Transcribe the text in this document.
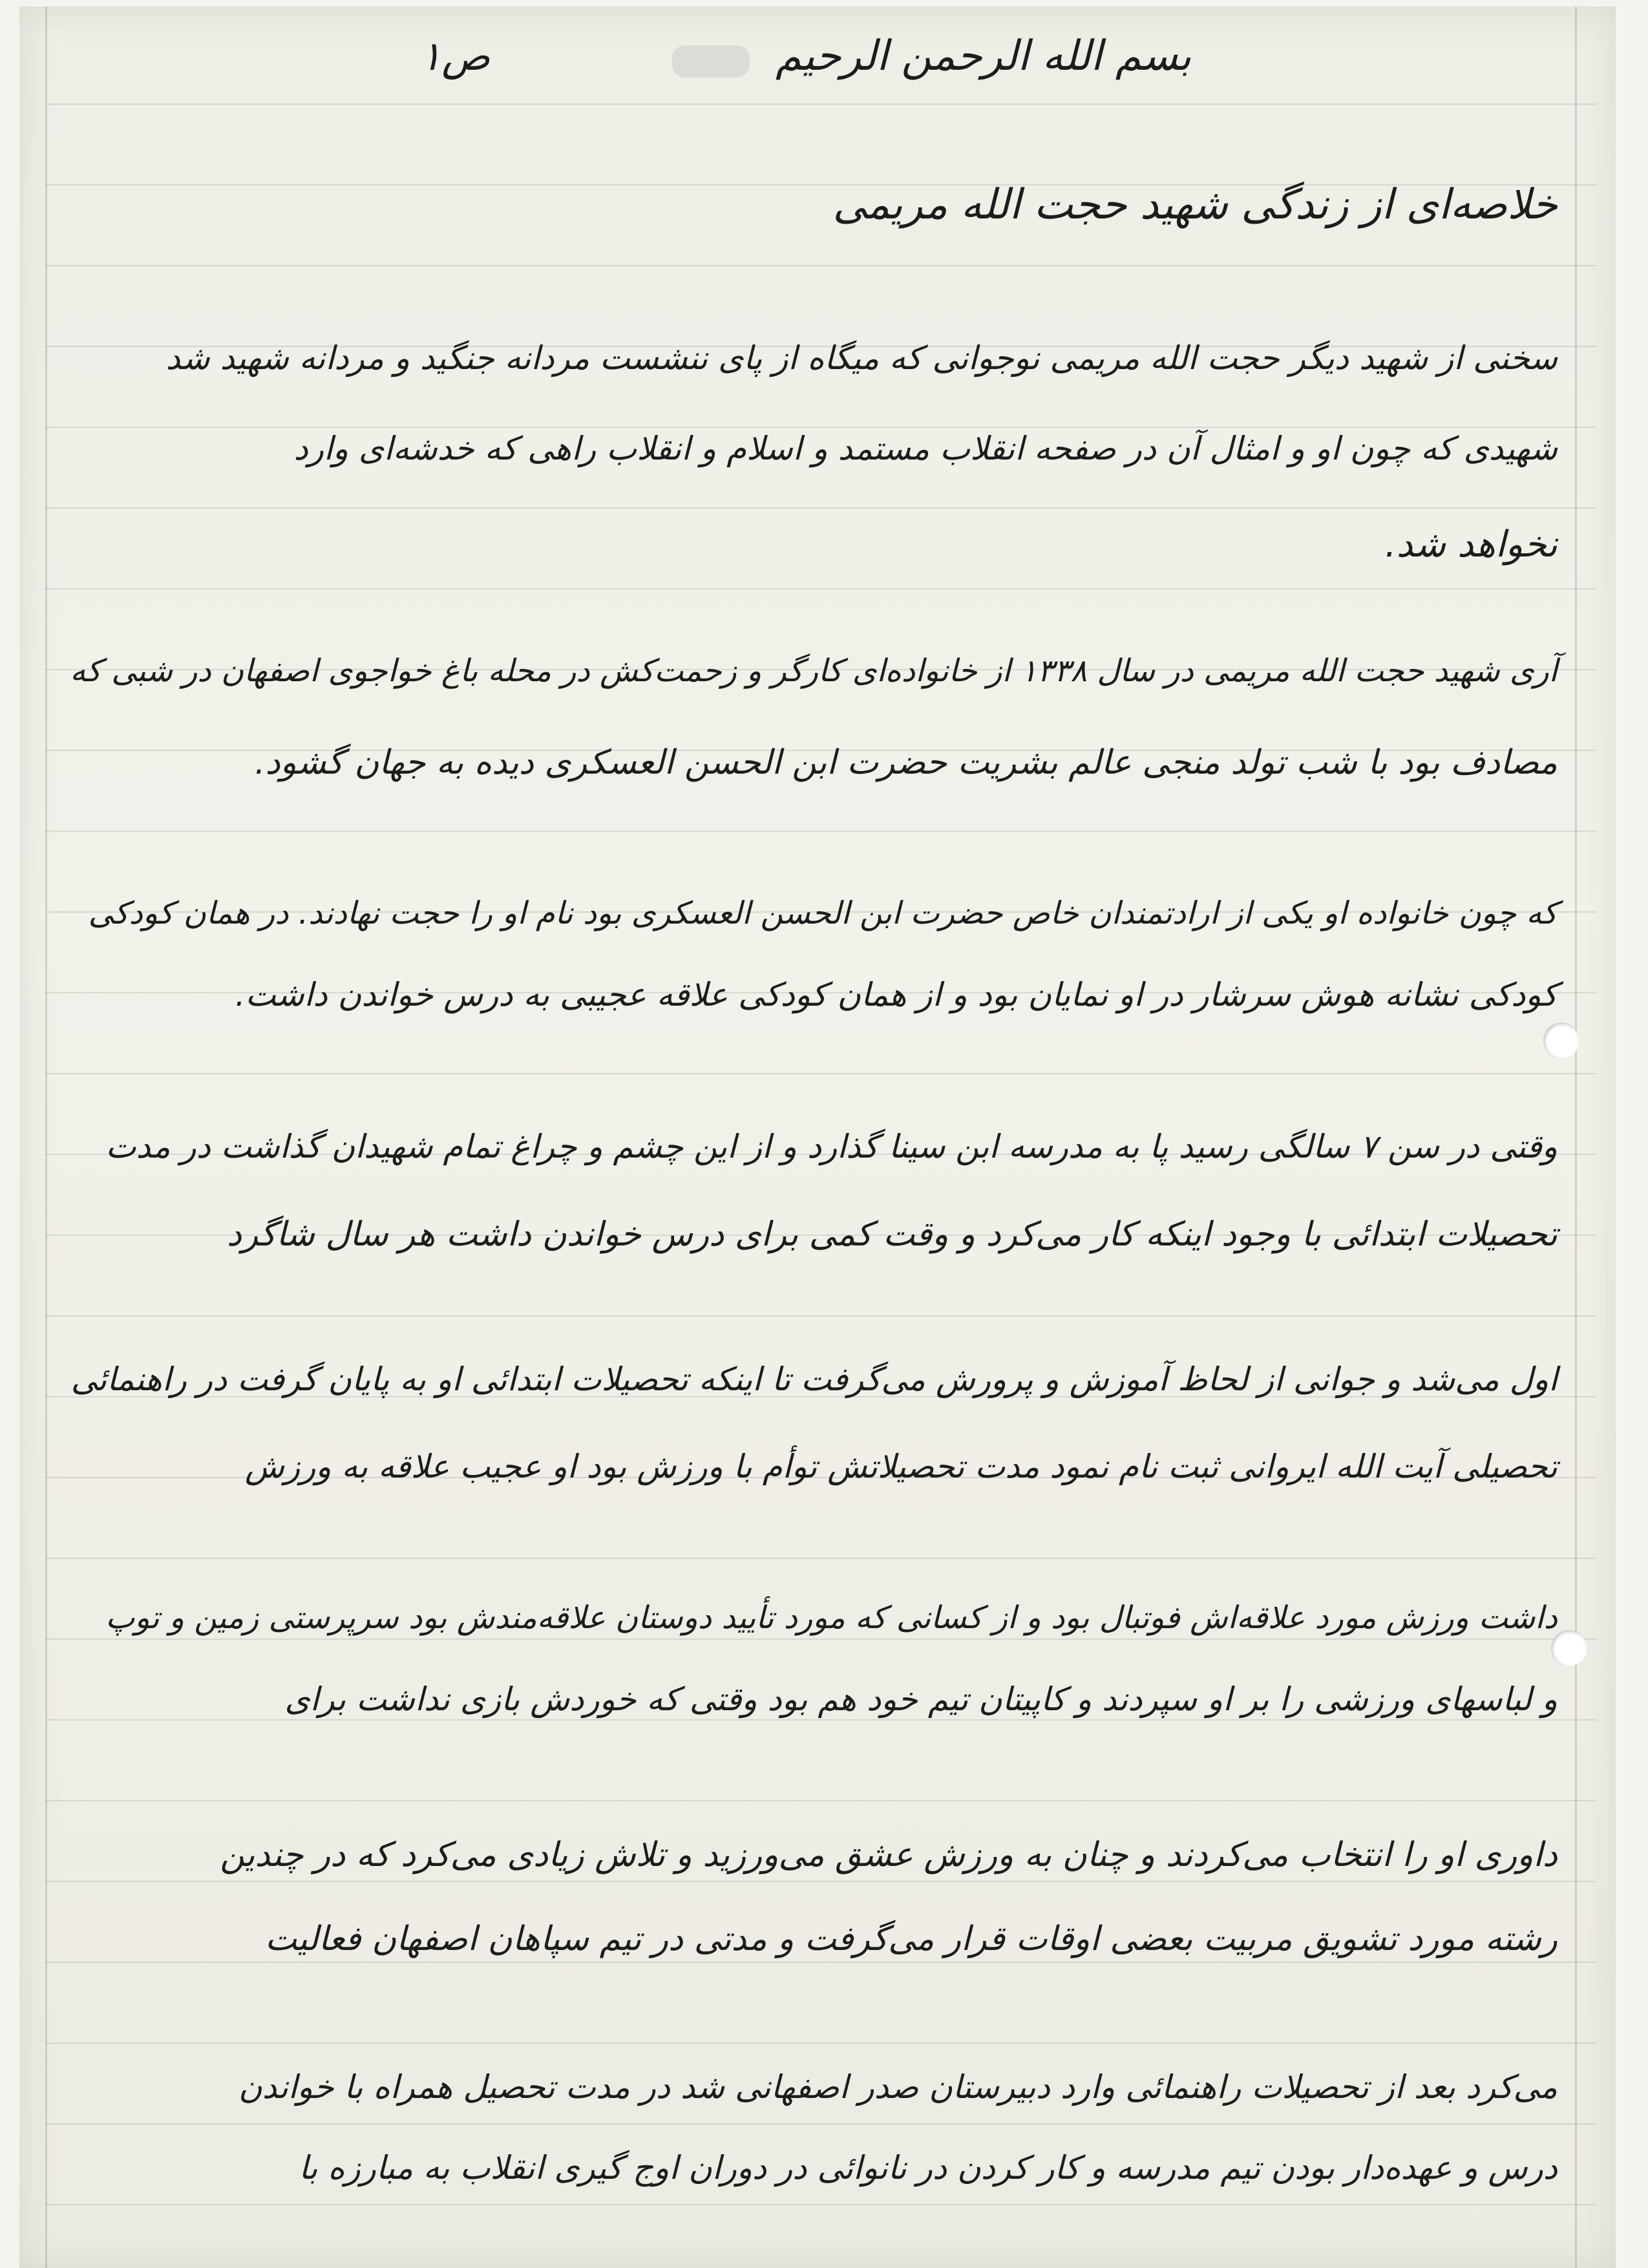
ص۱	بسم الله الرحمن الرحیم
خلاصه‌ای از زندگی شهید حجت الله مریمی
سخنی از شهید دیگر حجت الله مریمی نوجوانی که میگاه از پای ننشست مردانه جنگید و مردانه شهید شد
شهیدی که چون او و امثال آن در صفحه انقلاب مستمد و اسلام و انقلاب راهی که خدشه‌ای وارد
نخواهد شد.
آری شهید حجت الله مریمی در سال ۱۳۳۸ از خانواده‌ای کارگر و زحمت‌کش در محله باغ خواجوی اصفهان در شبی که
مصادف بود با شب تولد منجی عالم بشریت حضرت ابن الحسن العسکری دیده به جهان گشود.
که چون خانواده او یکی از ارادتمندان خاص حضرت ابن الحسن العسکری بود نام او را حجت نهادند. در همان کودکی
کودکی نشانه هوش سرشار در او نمایان بود و از همان کودکی علاقه عجیبی به درس خواندن داشت.
وقتی در سن ۷ سالگی رسید پا به مدرسه ابن سینا گذارد و از این چشم و چراغ تمام شهیدان گذاشت در مدت
تحصیلات ابتدائی با وجود اینکه کار می‌کرد و وقت کمی برای درس خواندن داشت هر سال شاگرد
اول می‌شد و جوانی از لحاظ آموزش و پرورش می‌گرفت تا اینکه تحصیلات ابتدائی او به پایان گرفت در راهنمائی
تحصیلی آیت الله ایروانی ثبت نام نمود مدت تحصیلاتش توأم با ورزش بود او عجیب علاقه به ورزش
داشت ورزش مورد علاقه‌اش فوتبال بود و از کسانی که مورد تأیید دوستان علاقه‌مندش بود سرپرستی زمین و توپ
و لباسهای ورزشی را بر او سپردند و کاپیتان تیم خود هم بود وقتی که خوردش بازی نداشت برای
داوری او را انتخاب می‌کردند و چنان به ورزش عشق می‌ورزید و تلاش زیادی می‌کرد که در چندین
رشته مورد تشویق مربیت بعضی اوقات قرار می‌گرفت و مدتی در تیم سپاهان اصفهان فعالیت
می‌کرد بعد از تحصیلات راهنمائی وارد دبیرستان صدر اصفهانی شد در مدت تحصیل همراه با خواندن
درس و عهده‌دار بودن تیم مدرسه و کار کردن در نانوائی در دوران اوج گیری انقلاب به مبارزه با
